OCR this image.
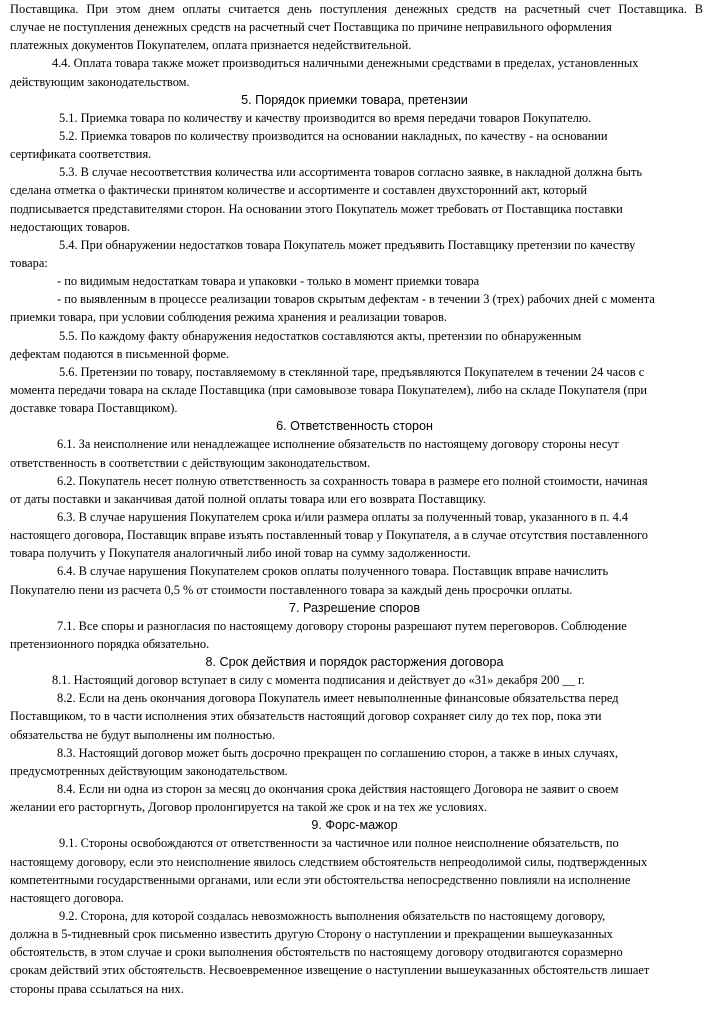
Поставщика. При этом днем оплаты считается день поступления денежных средств на расчетный счет Поставщика. В
случае не поступления денежных средств на расчетный счет Поставщика по причине неправильного оформления
платежных документов Покупателем, оплата признается недействительной.
4.4. Оплата товара также может производиться наличными денежными средствами в пределах, установленных
действующим законодательством.
5. Порядок приемки товара, претензии
5.1. Приемка товара по количеству и качеству производится во время передачи товаров Покупателю.
5.2. Приемка товаров по количеству производится на основании накладных, по качеству - на основании
сертификата соответствия.
5.3. В случае несоответствия количества или ассортимента товаров согласно заявке, в накладной должна быть
сделана отметка о фактически принятом количестве и ассортименте и составлен двухсторонний акт, который
подписывается представителями сторон. На основании этого Покупатель может требовать от Поставщика поставки
недостающих товаров.
5.4. При обнаружении недостатков товара Покупатель может предъявить Поставщику претензии по качеству
товара:
- по видимым недостаткам товара и упаковки - только в момент приемки товара
- по выявленным в процессе реализации товаров скрытым дефектам - в течении 3 (трех) рабочих дней с момента
приемки товара, при условии соблюдения режима хранения и реализации товаров.
5.5. По каждому факту обнаружения недостатков составляются акты, претензии по обнаруженным
дефектам подаются в письменной форме.
5.6. Претензии по товару, поставляемому в стеклянной таре, предъявляются Покупателем в течении 24 часов с
момента передачи товара на складе Поставщика (при самовывозе товара Покупателем), либо на складе Покупателя (при
доставке товара Поставщиком).
6. Ответственность сторон
6.1. За неисполнение или ненадлежащее исполнение обязательств по настоящему договору стороны несут
ответственность в соответствии с действующим законодательством.
6.2. Покупатель несет полную ответственность за сохранность товара в размере его полной стоимости, начиная
от даты поставки и заканчивая датой полной оплаты товара или его возврата Поставщику.
6.3. В случае нарушения Покупателем срока и/или размера оплаты за полученный товар, указанного в п. 4.4
настоящего договора, Поставщик вправе изъять поставленный товар у Покупателя, а в случае отсутствия поставленного
товара получить у Покупателя аналогичный либо иной товар на сумму задолженности.
6.4. В случае нарушения Покупателем сроков оплаты полученного товара. Поставщик вправе начислить
Покупателю пени из расчета 0,5 % от стоимости поставленного товара за каждый день просрочки оплаты.
7. Разрешение споров
7.1. Все споры и разногласия по настоящему договору стороны разрешают путем переговоров. Соблюдение
претензионного порядка обязательно.
8. Срок действия и порядок расторжения договора
8.1. Настоящий договор вступает в силу с момента подписания и действует до «31» декабря 200 __ г.
8.2. Если на день окончания договора Покупатель имеет невыполненные финансовые обязательства перед
Поставщиком, то в части исполнения этих обязательств настоящий договор сохраняет силу до тех пор, пока эти
обязательства не будут выполнены им полностью.
8.3. Настоящий договор может быть досрочно прекращен по соглашению сторон, а также в иных случаях,
предусмотренных действующим законодательством.
8.4. Если ни одна из сторон за месяц до окончания срока действия настоящего Договора не заявит о своем
желании его расторгнуть, Договор пролонгируется на такой же срок и на тех же условиях.
9. Форс-мажор
9.1. Стороны освобождаются от ответственности за частичное или полное неисполнение обязательств, по
настоящему договору, если это неисполнение явилось следствием обстоятельств непреодолимой силы, подтвержденных
компетентными государственными органами, или если эти обстоятельства непосредственно повлияли на исполнение
настоящего договора.
9.2. Сторона, для которой создалась невозможность выполнения обязательств по настоящему договору,
должна в 5-тидневный срок письменно известить другую Сторону о наступлении и прекращении вышеуказанных
обстоятельств, в этом случае и сроки выполнения обстоятельств по настоящему договору отодвигаются соразмерно
срокам действий этих обстоятельств. Несвоевременное извещение о наступлении вышеуказанных обстоятельств лишает
стороны права ссылаться на них.
